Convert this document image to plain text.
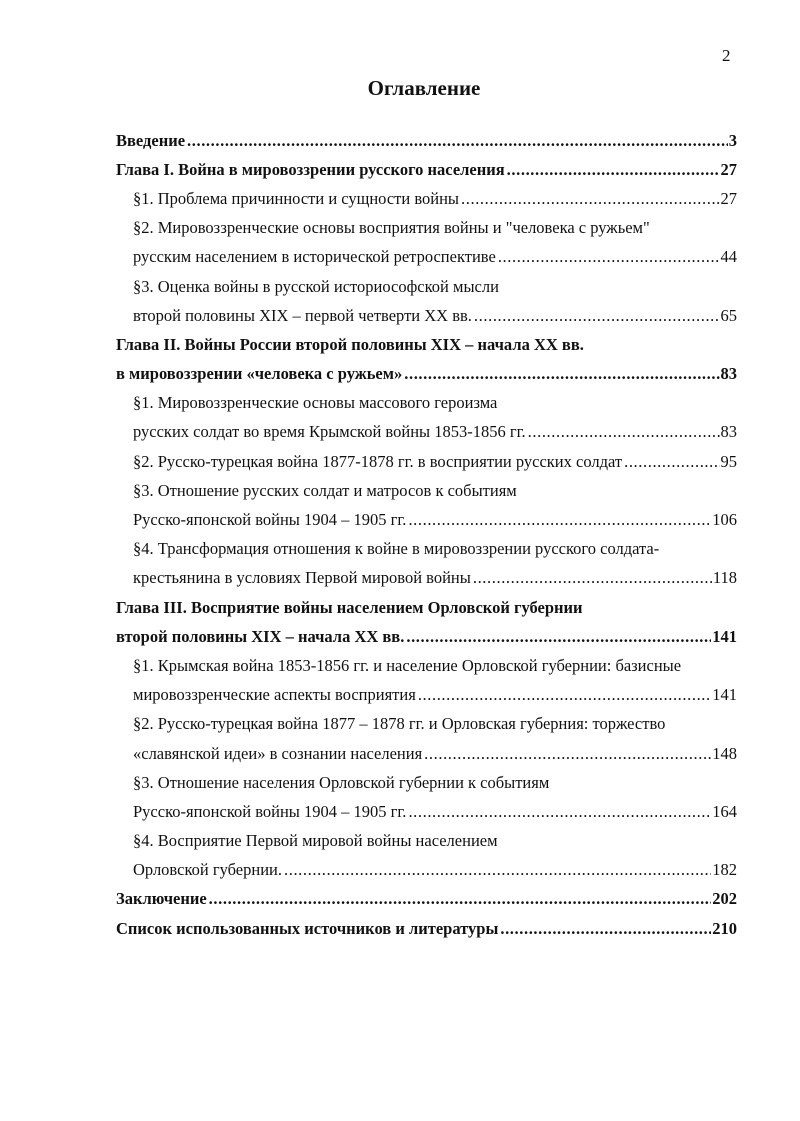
2
Оглавление
Введение .....	3
Глава I. Война в мировоззрении русского населения .....	27
§1. Проблема причинности и сущности войны .....	27
§2. Мировоззренческие основы восприятия войны и "человека с ружьем"
русским населением в исторической ретроспективе .....	44
§3. Оценка войны в русской историософской мысли
второй половины XIX – первой четверти XX вв. .....	65
Глава II. Войны России второй половины XIX – начала XX вв.
в мировоззрении «человека с ружьем» .....	83
§1. Мировоззренческие основы массового героизма
русских солдат во время Крымской войны 1853-1856 гг. .....	83
§2. Русско-турецкая война 1877-1878 гг. в восприятии русских солдат .....	95
§3. Отношение русских солдат и матросов к событиям
Русско-японской войны 1904 – 1905 гг. .....	106
§4. Трансформация отношения к войне в мировоззрении русского солдата-
крестьянина в условиях Первой мировой войны .....	118
Глава III. Восприятие войны населением Орловской губернии
второй половины XIX – начала XX вв. .....	141
§1. Крымская война 1853-1856 гг. и население Орловской губернии: базисные
мировоззренческие аспекты восприятия .....	141
§2. Русско-турецкая война 1877 – 1878 гг. и Орловская губерния: торжество
«славянской идеи» в сознании населения .....	148
§3. Отношение населения Орловской губернии к событиям
Русско-японской войны 1904 – 1905 гг. .....	164
§4. Восприятие Первой мировой войны населением
Орловской губернии. .....	182
Заключение .....	202
Список использованных источников и литературы .....	210
